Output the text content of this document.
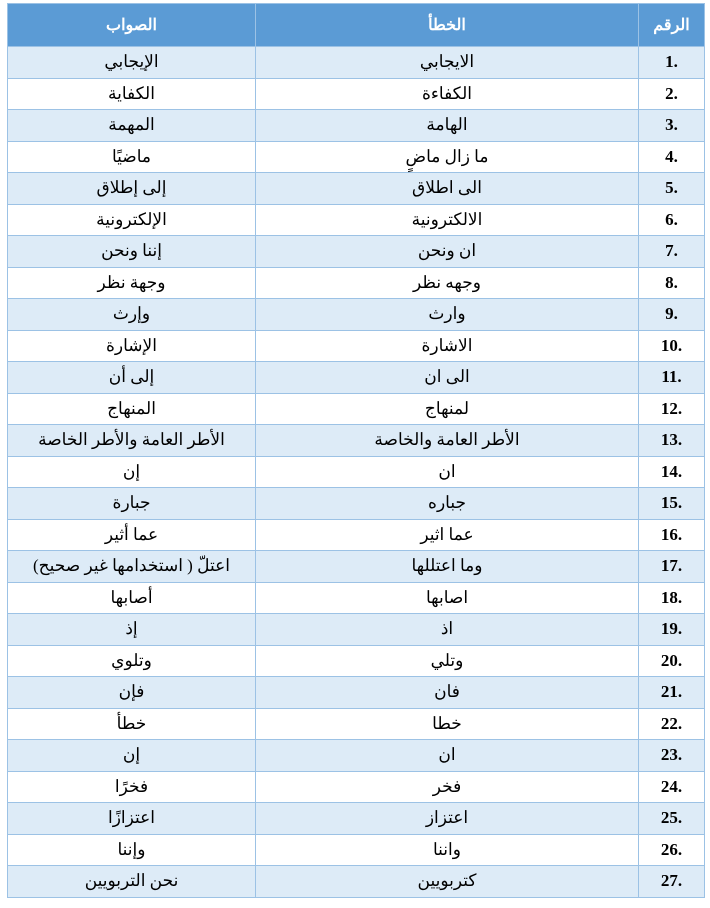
الرقم	الخطأ	الصواب
1.	الايجابي	الإيجابي
2.	الكفاءة	الكفاية
3.	الهامة	المهمة
4.	ما زال ماضٍ	ماضيًا
5.	الى اطلاق	إلى إطلاق
6.	الالكترونية	الإلكترونية
7.	ان ونحن	إننا ونحن
8.	وجهه نظر	وجهة نظر
9.	وارث	وإرث
10.	الاشارة	الإشارة
11.	الى ان	إلى أن
12.	لمنهاج	المنهاج
13.	الأطر العامة والخاصة	الأطر العامة والأطر الخاصة
14.	ان	إن
15.	جباره	جبارة
16.	عما اثير	عما أثير
17.	وما اعتللها	اعتلّ ( استخدامها غير صحيح)
18.	اصابها	أصابها
19.	اذ	إذ
20.	وتلي	وتلوي
21.	فان	فإن
22.	خطا	خطأ
23.	ان	إن
24.	فخر	فخرًا
25.	اعتزاز	اعتزازًا
26.	واننا	وإننا
27.	كتربويين	نحن التربويين
